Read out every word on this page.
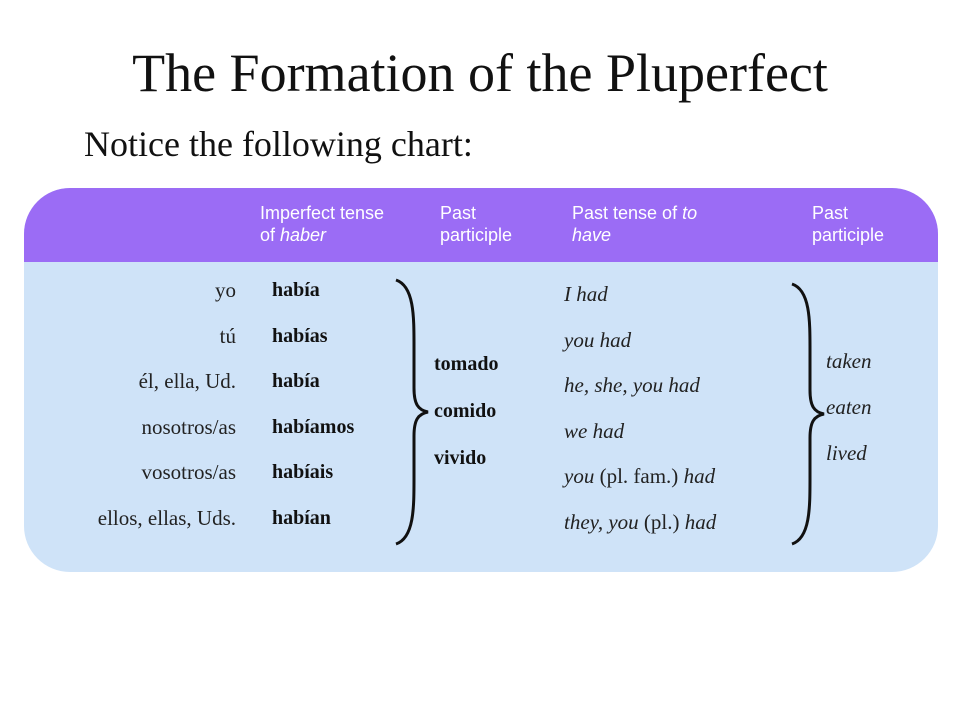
The Formation of the Pluperfect
Notice the following chart:
Imperfect tense
of haber
Past
participle
Past tense of to
have
Past
participle
yo
tú
él, ella, Ud.
nosotros/as
vosotros/as
ellos, ellas, Uds.
había
habías
había
habíamos
habíais
habían
tomado
comido
vivido
I had
you had
he, she, you had
we had
you (pl. fam.) had
they, you (pl.) had
taken
eaten
lived
